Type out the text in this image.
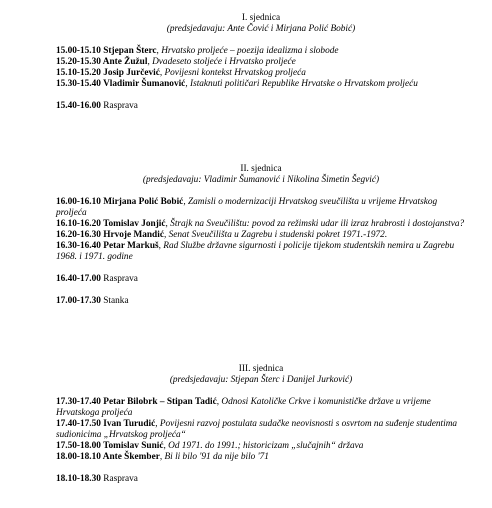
I. sjednica
(predsjedavaju: Ante Čović i Mirjana Polić Bobić)
15.00-15.10 Stjepan Šterc, Hrvatsko proljeće – poezija idealizma i slobode
15.20-15.30 Ante Žužul, Dvadeseto stoljeće i Hrvatsko proljeće
15.10-15.20 Josip Jurčević, Povijesni kontekst Hrvatskog proljeća
15.30-15.40 Vladimir Šumanović, Istaknuti političari Republike Hrvatske o Hrvatskom proljeću
15.40-16.00 Rasprava
II. sjednica
(predsjedavaju: Vladimir Šumanović i Nikolina Šimetin Šegvić)
16.00-16.10 Mirjana Polić Bobić, Zamisli o modernizaciji Hrvatskog sveučilišta u vrijeme Hrvatskog proljeća
16.10-16.20 Tomislav Jonjić, Štrajk na Sveučilištu: povod za režimski udar ili izraz hrabrosti i dostojanstva?
16.20-16.30 Hrvoje Mandić, Senat Sveučilišta u Zagrebu i studenski pokret 1971.-1972.
16.30-16.40 Petar Markuš, Rad Službe državne sigurnosti i policije tijekom studentskih nemira u Zagrebu 1968. i 1971. godine
16.40-17.00 Rasprava
17.00-17.30 Stanka
III. sjednica
(predsjedavaju: Stjepan Šterc i Danijel Jurković)
17.30-17.40 Petar Bilobrk – Stipan Tadić, Odnosi Katoličke Crkve i komunističke države u vrijeme Hrvatskoga proljeća
17.40-17.50 Ivan Turudić, Povijesni razvoj postulata sudačke neovisnosti s osvrtom na suđenje studentima sudionicima „Hrvatskog proljeća“
17.50-18.00 Tomislav Sunić, Od 1971. do 1991.; historicizam „slučajnih“ država
18.00-18.10 Ante Škember, Bi li bilo '91 da nije bilo '71
18.10-18.30 Rasprava
